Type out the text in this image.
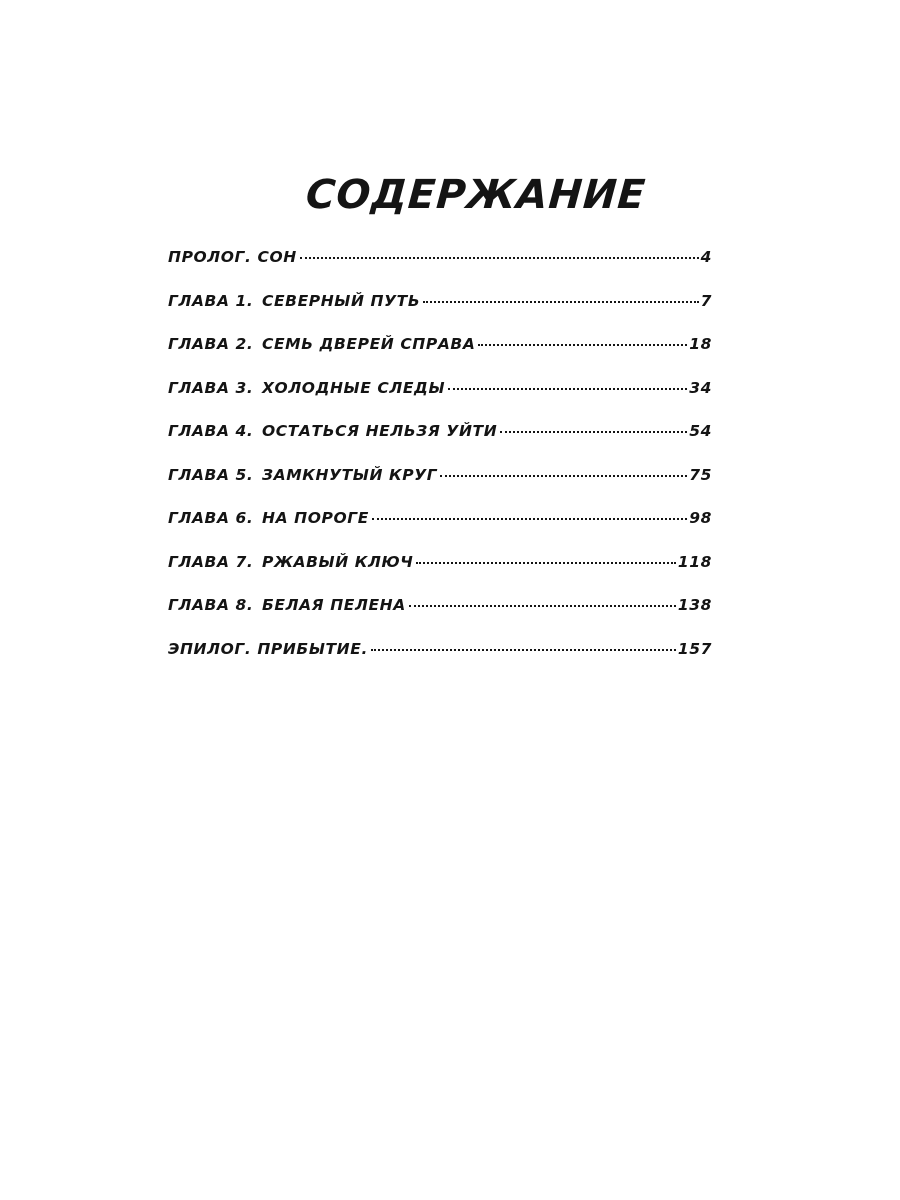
СОДЕРЖАНИЕ
ПРОЛОГ. СОН	4
ГЛАВА 1. СЕВЕРНЫЙ ПУТЬ	7
ГЛАВА 2. СЕМЬ ДВЕРЕЙ СПРАВА	18
ГЛАВА 3. ХОЛОДНЫЕ СЛЕДЫ	34
ГЛАВА 4. ОСТАТЬСЯ НЕЛЬЗЯ УЙТИ	54
ГЛАВА 5. ЗАМКНУТЫЙ КРУГ	75
ГЛАВА 6. НА ПОРОГЕ	98
ГЛАВА 7. РЖАВЫЙ КЛЮЧ	118
ГЛАВА 8. БЕЛАЯ ПЕЛЕНА	138
ЭПИЛОГ. ПРИБЫТИЕ.	157
